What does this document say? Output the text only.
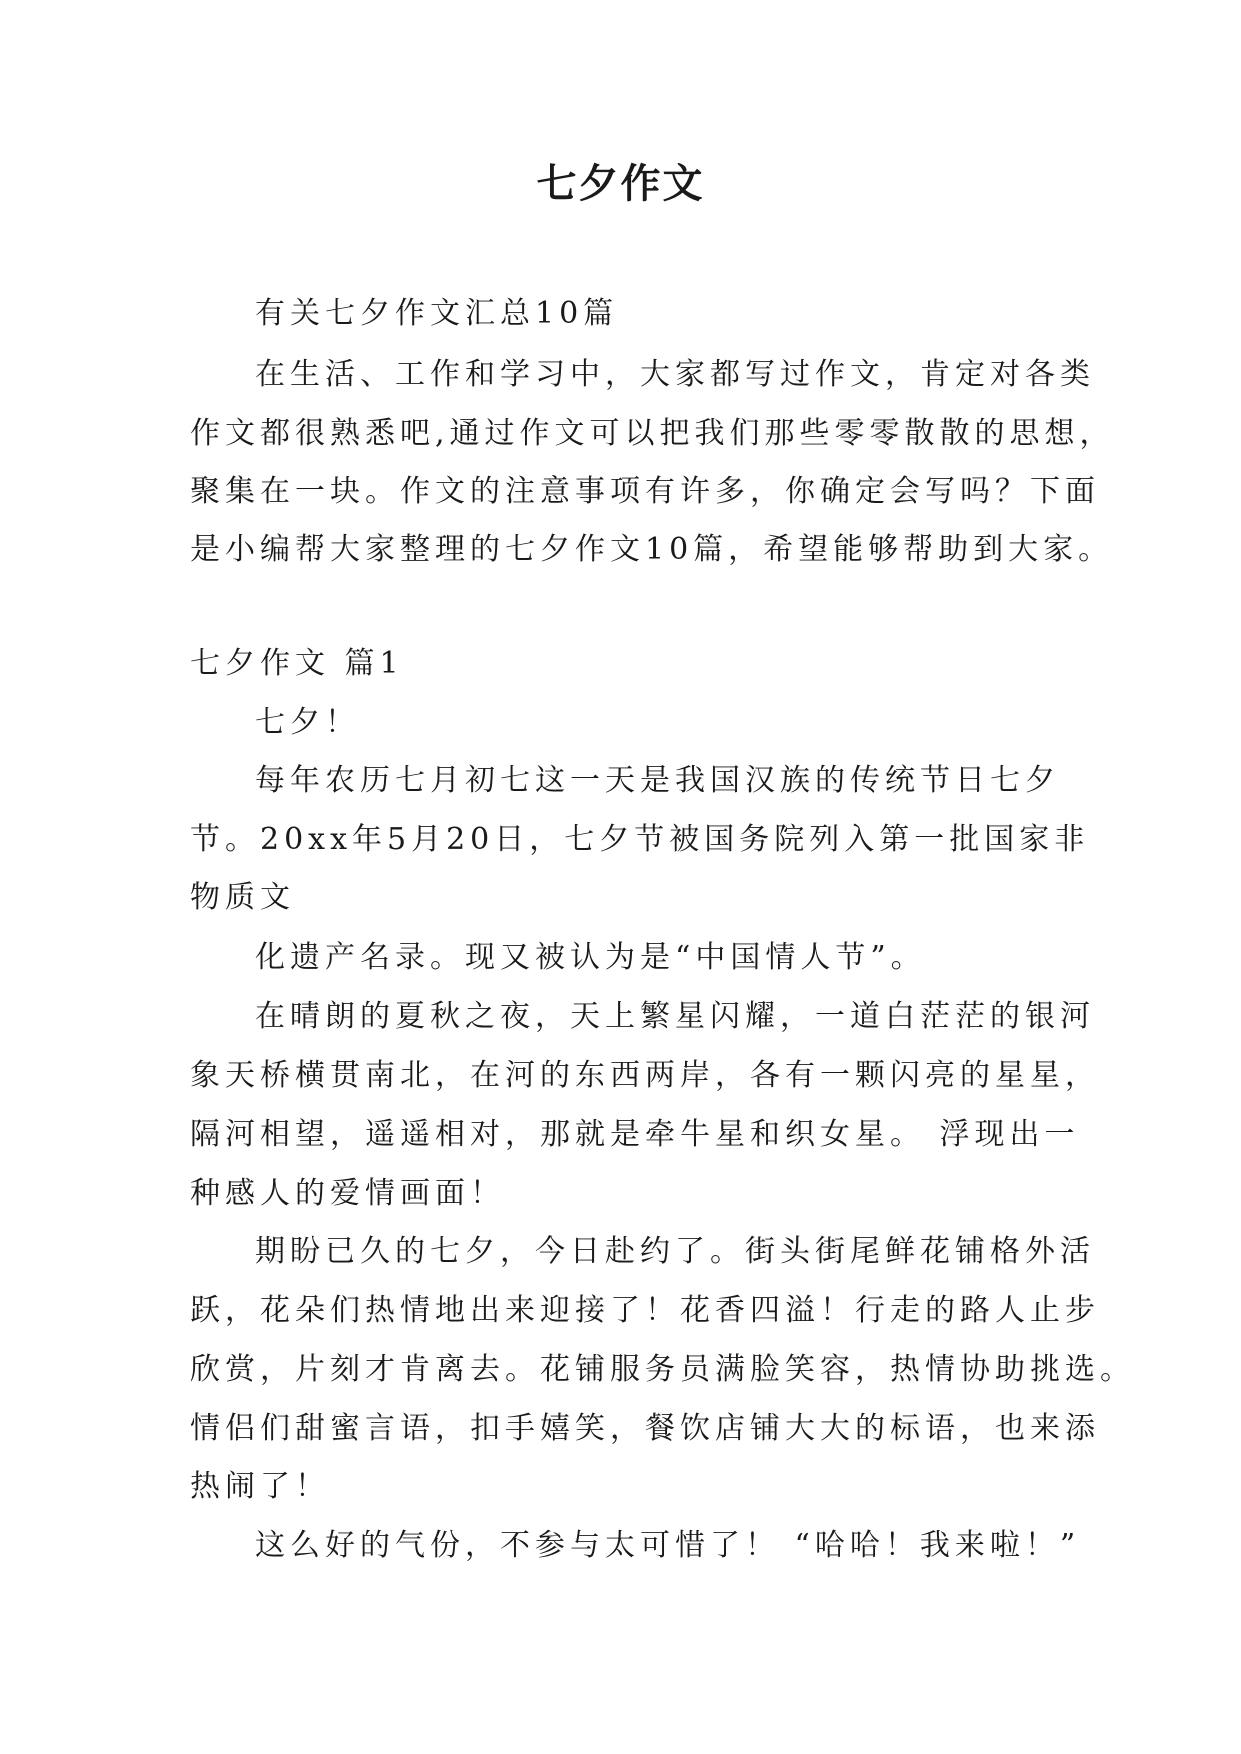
七夕作文

有关七夕作文汇总10篇

在生活、工作和学习中，大家都写过作文，肯定对各类

作文都很熟悉吧,通过作文可以把我们那些零零散散的思想，

聚集在一块。作文的注意事项有许多，你确定会写吗？下面

是小编帮大家整理的七夕作文10篇，希望能够帮助到大家。

七夕作文 篇1

七夕！

每年农历七月初七这一天是我国汉族的传统节日七夕

节。20xx年5月20日，七夕节被国务院列入第一批国家非

物质文

化遗产名录。现又被认为是“中国情人节”。

在晴朗的夏秋之夜，天上繁星闪耀，一道白茫茫的银河

象天桥横贯南北，在河的东西两岸，各有一颗闪亮的星星，

隔河相望，遥遥相对，那就是牵牛星和织女星。 浮现出一

种感人的爱情画面！

期盼已久的七夕，今日赴约了。街头街尾鲜花铺格外活

跃，花朵们热情地出来迎接了！花香四溢！行走的路人止步

欣赏，片刻才肯离去。花铺服务员满脸笑容，热情协助挑选。

情侣们甜蜜言语，扣手嬉笑，餐饮店铺大大的标语，也来添

热闹了！

这么好的气份，不参与太可惜了！ “哈哈！我来啦！”
